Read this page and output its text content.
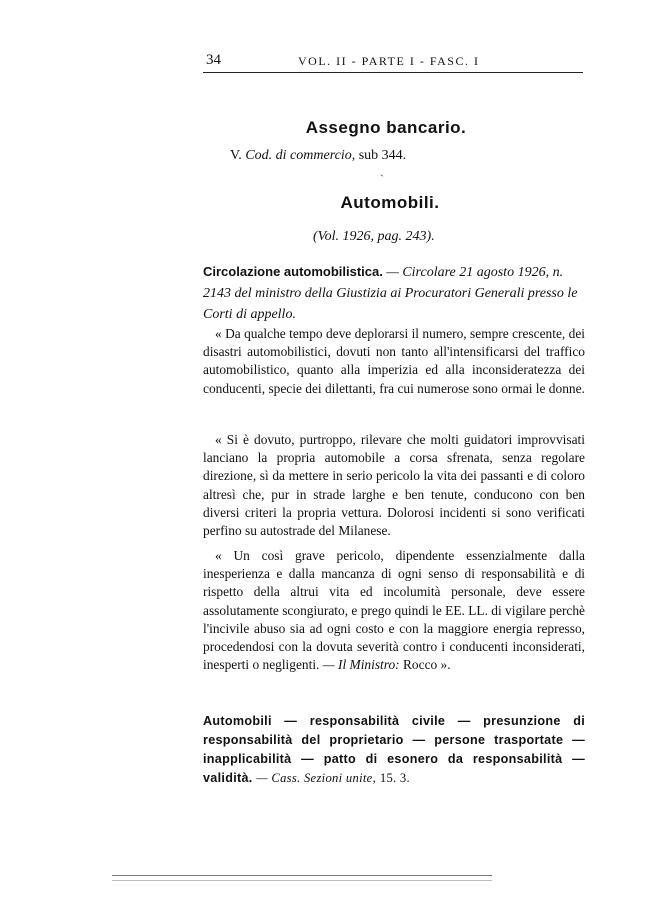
34	VOL. II - PARTE I - FASC. I
Assegno bancario.
V. Cod. di commercio, sub 344.
`
Automobili.
(Vol. 1926, pag. 243).
Circolazione automobilistica. — Circolare 21 agosto 1926, n. 2143 del ministro della Giustizia ai Procuratori Generali presso le Corti di appello.

« Da qualche tempo deve deplorarsi il numero, sempre crescente, dei disastri automobilistici, dovuti non tanto all'intensificarsi del traffico automobilistico, quanto alla imperizia ed alla inconsideratezza dei conducenti, specie dei dilettanti, fra cui numerose sono ormai le donne.

« Si è dovuto, purtroppo, rilevare che molti guidatori improvvisati lanciano la propria automobile a corsa sfrenata, senza regolare direzione, sì da mettere in serio pericolo la vita dei passanti e di coloro altresì che, pur in strade larghe e ben tenute, conducono con ben diversi criteri la propria vettura. Dolorosi incidenti si sono verificati perfino su autostrade del Milanese.

« Un così grave pericolo, dipendente essenzialmente dalla inesperienza e dalla mancanza di ogni senso di responsabilità e di rispetto della altrui vita ed incolumità personale, deve essere assolutamente scongiurato, e prego quindi le EE. LL. di vigilare perchè l'incivile abuso sia ad ogni costo e con la maggiore energia represso, procedendosi con la dovuta severità contro i conducenti inconsiderati, inesperti o negligenti. — Il Ministro: Rocco ».

Automobili — responsabilità civile — presunzione di responsabilità del proprietario — persone trasportate — inapplicabilità — patto di esonero da responsabilità — validità. — Cass. Sezioni unite, 15. 3.
